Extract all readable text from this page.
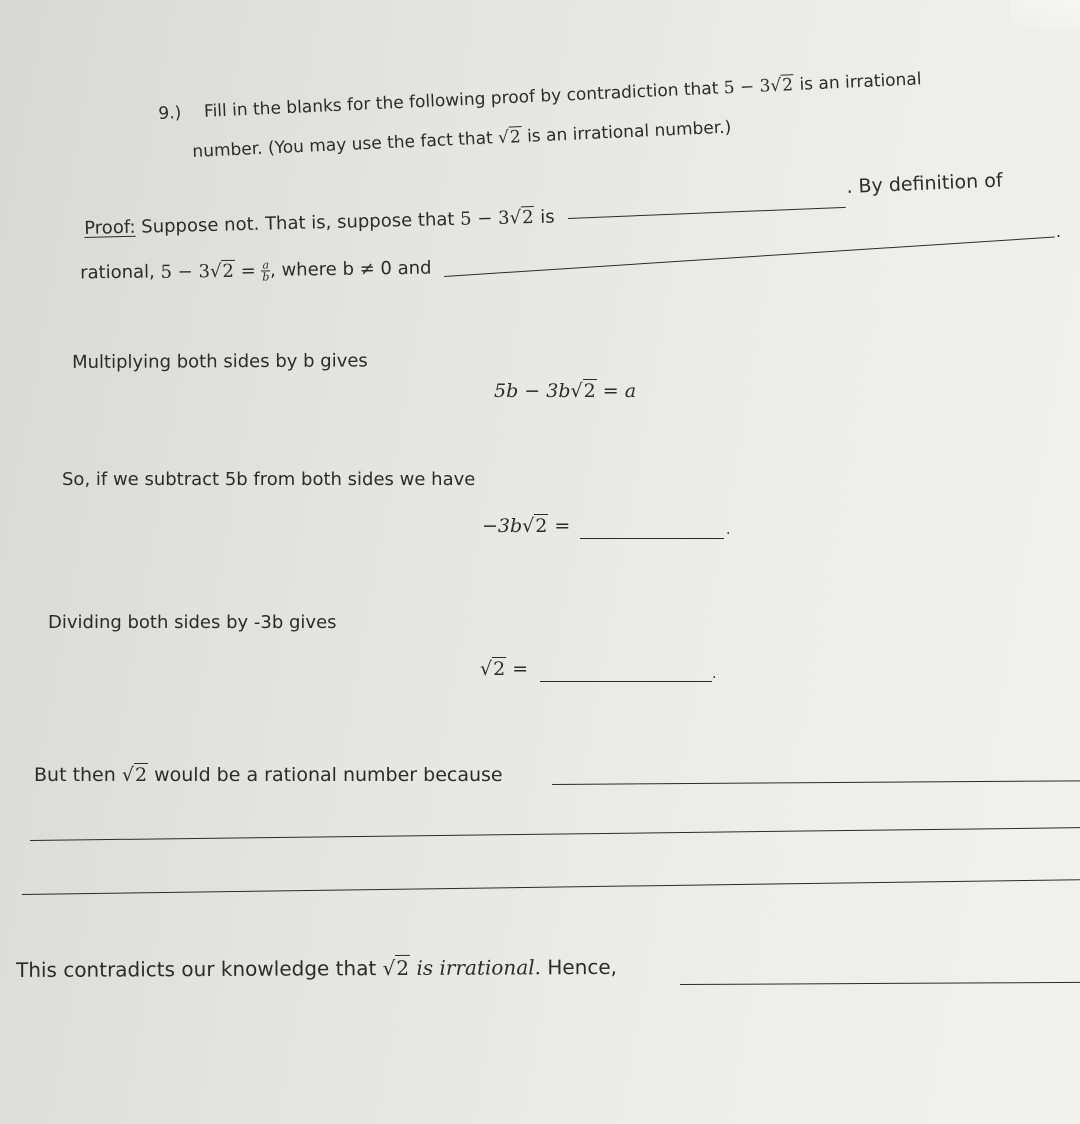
9.) Fill in the blanks for the following proof by contradiction that 5 − 3√2 is an irrational
number. (You may use the fact that √2 is an irrational number.)
Proof: Suppose not. That is, suppose that 5 − 3√2 is
. By definition of
rational, $5 - 3√2 = \frac{a}{b}$ , where b ≠ 0 and
.
Multiplying both sides by b gives
5b − 3b√2 = a
So, if we subtract 5b from both sides we have
−3b√2 =	.
Dividing both sides by -3b gives
√2 =	.
But then √2 would be a rational number because
This contradicts our knowledge that √2 is irrational. Hence,
